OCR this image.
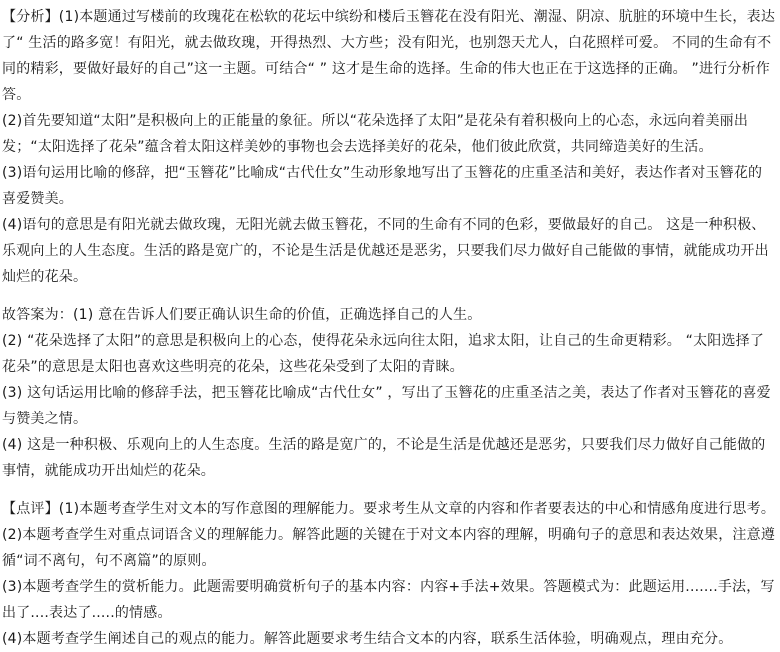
【分析】(1)本题通过写楼前的玫瑰花在松软的花坛中缤纷和楼后玉簪花在没有阳光、潮湿、阴凉、肮脏的环境中生长，表达了“ 生活的路多宽！有阳光，就去做玫瑰，开得热烈、大方些；没有阳光，也别怨天尤人，白花照样可爱。 不同的生命有不同的精彩，要做好最好的自己”这一主题。可结合“ ” 这才是生命的选择。生命的伟大也正在于这选择的正确。 ”进行分析作答。

(2)首先要知道“太阳”是积极向上的正能量的象征。所以“花朵选择了太阳”是花朵有着积极向上的心态，永远向着美丽出发；“太阳选择了花朵”蕴含着太阳这样美妙的事物也会去选择美好的花朵，他们彼此欣赏，共同缔造美好的生活。

(3)语句运用比喻的修辞，把“玉簪花”比喻成“古代仕女”生动形象地写出了玉簪花的庄重圣洁和美好，表达作者对玉簪花的喜爱赞美。

(4)语句的意思是有阳光就去做玫瑰，无阳光就去做玉簪花，不同的生命有不同的色彩，要做最好的自己。 这是一种积极、乐观向上的人生态度。生活的路是宽广的，不论是生活是优越还是恶劣，只要我们尽力做好自己能做的事情，就能成功开出灿烂的花朵。

故答案为：(1) 意在告诉人们要正确认识生命的价值，正确选择自己的人生。

(2) “花朵选择了太阳”的意思是积极向上的心态，使得花朵永远向往太阳，追求太阳，让自己的生命更精彩。 “太阳选择了花朵”的意思是太阳也喜欢这些明亮的花朵，这些花朵受到了太阳的青睐。

(3) 这句话运用比喻的修辞手法，把玉簪花比喻成“古代仕女” ，写出了玉簪花的庄重圣洁之美，表达了作者对玉簪花的喜爱与赞美之情。

(4) 这是一种积极、乐观向上的人生态度。生活的路是宽广的，不论是生活是优越还是恶劣，只要我们尽力做好自己能做的事情，就能成功开出灿烂的花朵。

【点评】(1)本题考查学生对文本的写作意图的理解能力。要求考生从文章的内容和作者要表达的中心和情感角度进行思考。

(2)本题考查学生对重点词语含义的理解能力。解答此题的关键在于对文本内容的理解，明确句子的意思和表达效果，注意遵循“词不离句，句不离篇”的原则。

(3)本题考查学生的赏析能力。此题需要明确赏析句子的基本内容：内容+手法+效果。答题模式为：此题运用.......手法，写出了....表达了.....的情感。

(4)本题考查学生阐述自己的观点的能力。解答此题要求考生结合文本的内容，联系生活体验，明确观点，理由充分。
